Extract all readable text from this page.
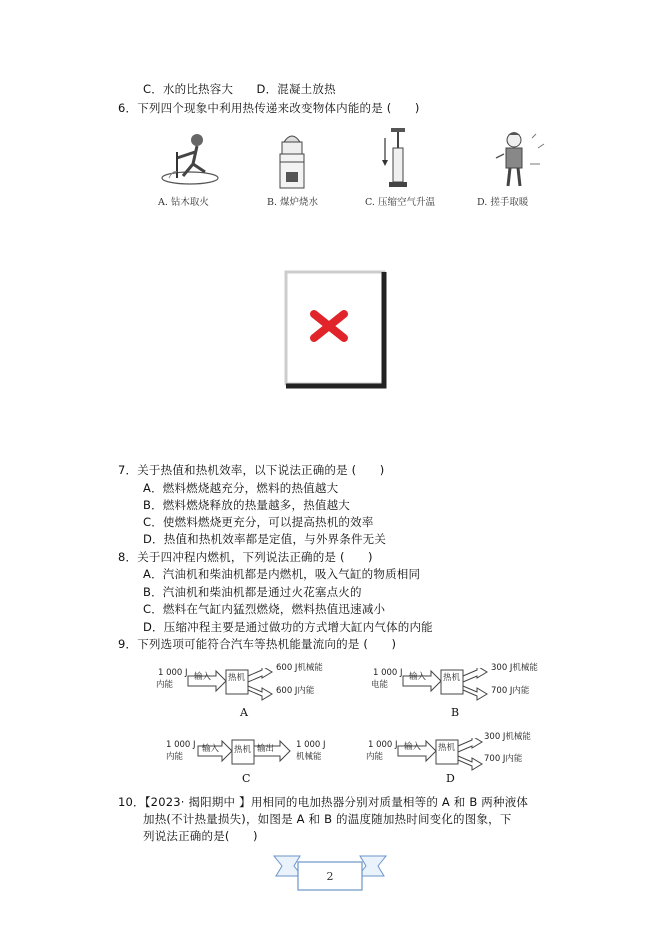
C．水的比热容大　　D．混凝土放热
6．下列四个现象中利用热传递来改变物体内能的是 (　　)
A. 钻木取火	B. 煤炉烧水	C. 压缩空气升温	D. 搓手取暖
7．关于热值和热机效率，以下说法正确的是 (　　)
A．燃料燃烧越充分，燃料的热值越大
B．燃料燃烧释放的热量越多，热值越大
C．使燃料燃烧更充分，可以提高热机的效率
D．热值和热机效率都是定值，与外界条件无关
8．关于四冲程内燃机，下列说法正确的是 (　　)
A．汽油机和柴油机都是内燃机，吸入气缸的物质相同
B．汽油机和柴油机都是通过火花塞点火的
C．燃料在气缸内猛烈燃烧，燃料热值迅速减小
D．压缩冲程主要是通过做功的方式增大缸内气体的内能
9．下列选项可能符合汽车等热机能量流向的是 (　　)
1 000 J
内能
输入 热机
600 J机械能
600 J内能
A
1 000 J
电能
输入 热机
300 J机械能
700 J内能
B
1 000 J
内能
输入 热机 输出	1 000 J
机械能
C
1 000 J
内能
输入 热机
300 J机械能
700 J内能
D
10．【2023· 揭阳期中 】用相同的电加热器分别对质量相等的 A 和 B 两种液体
加热(不计热量损失)，如图是 A 和 B 的温度随加热时间变化的图象，下
列说法正确的是(　　)
2
